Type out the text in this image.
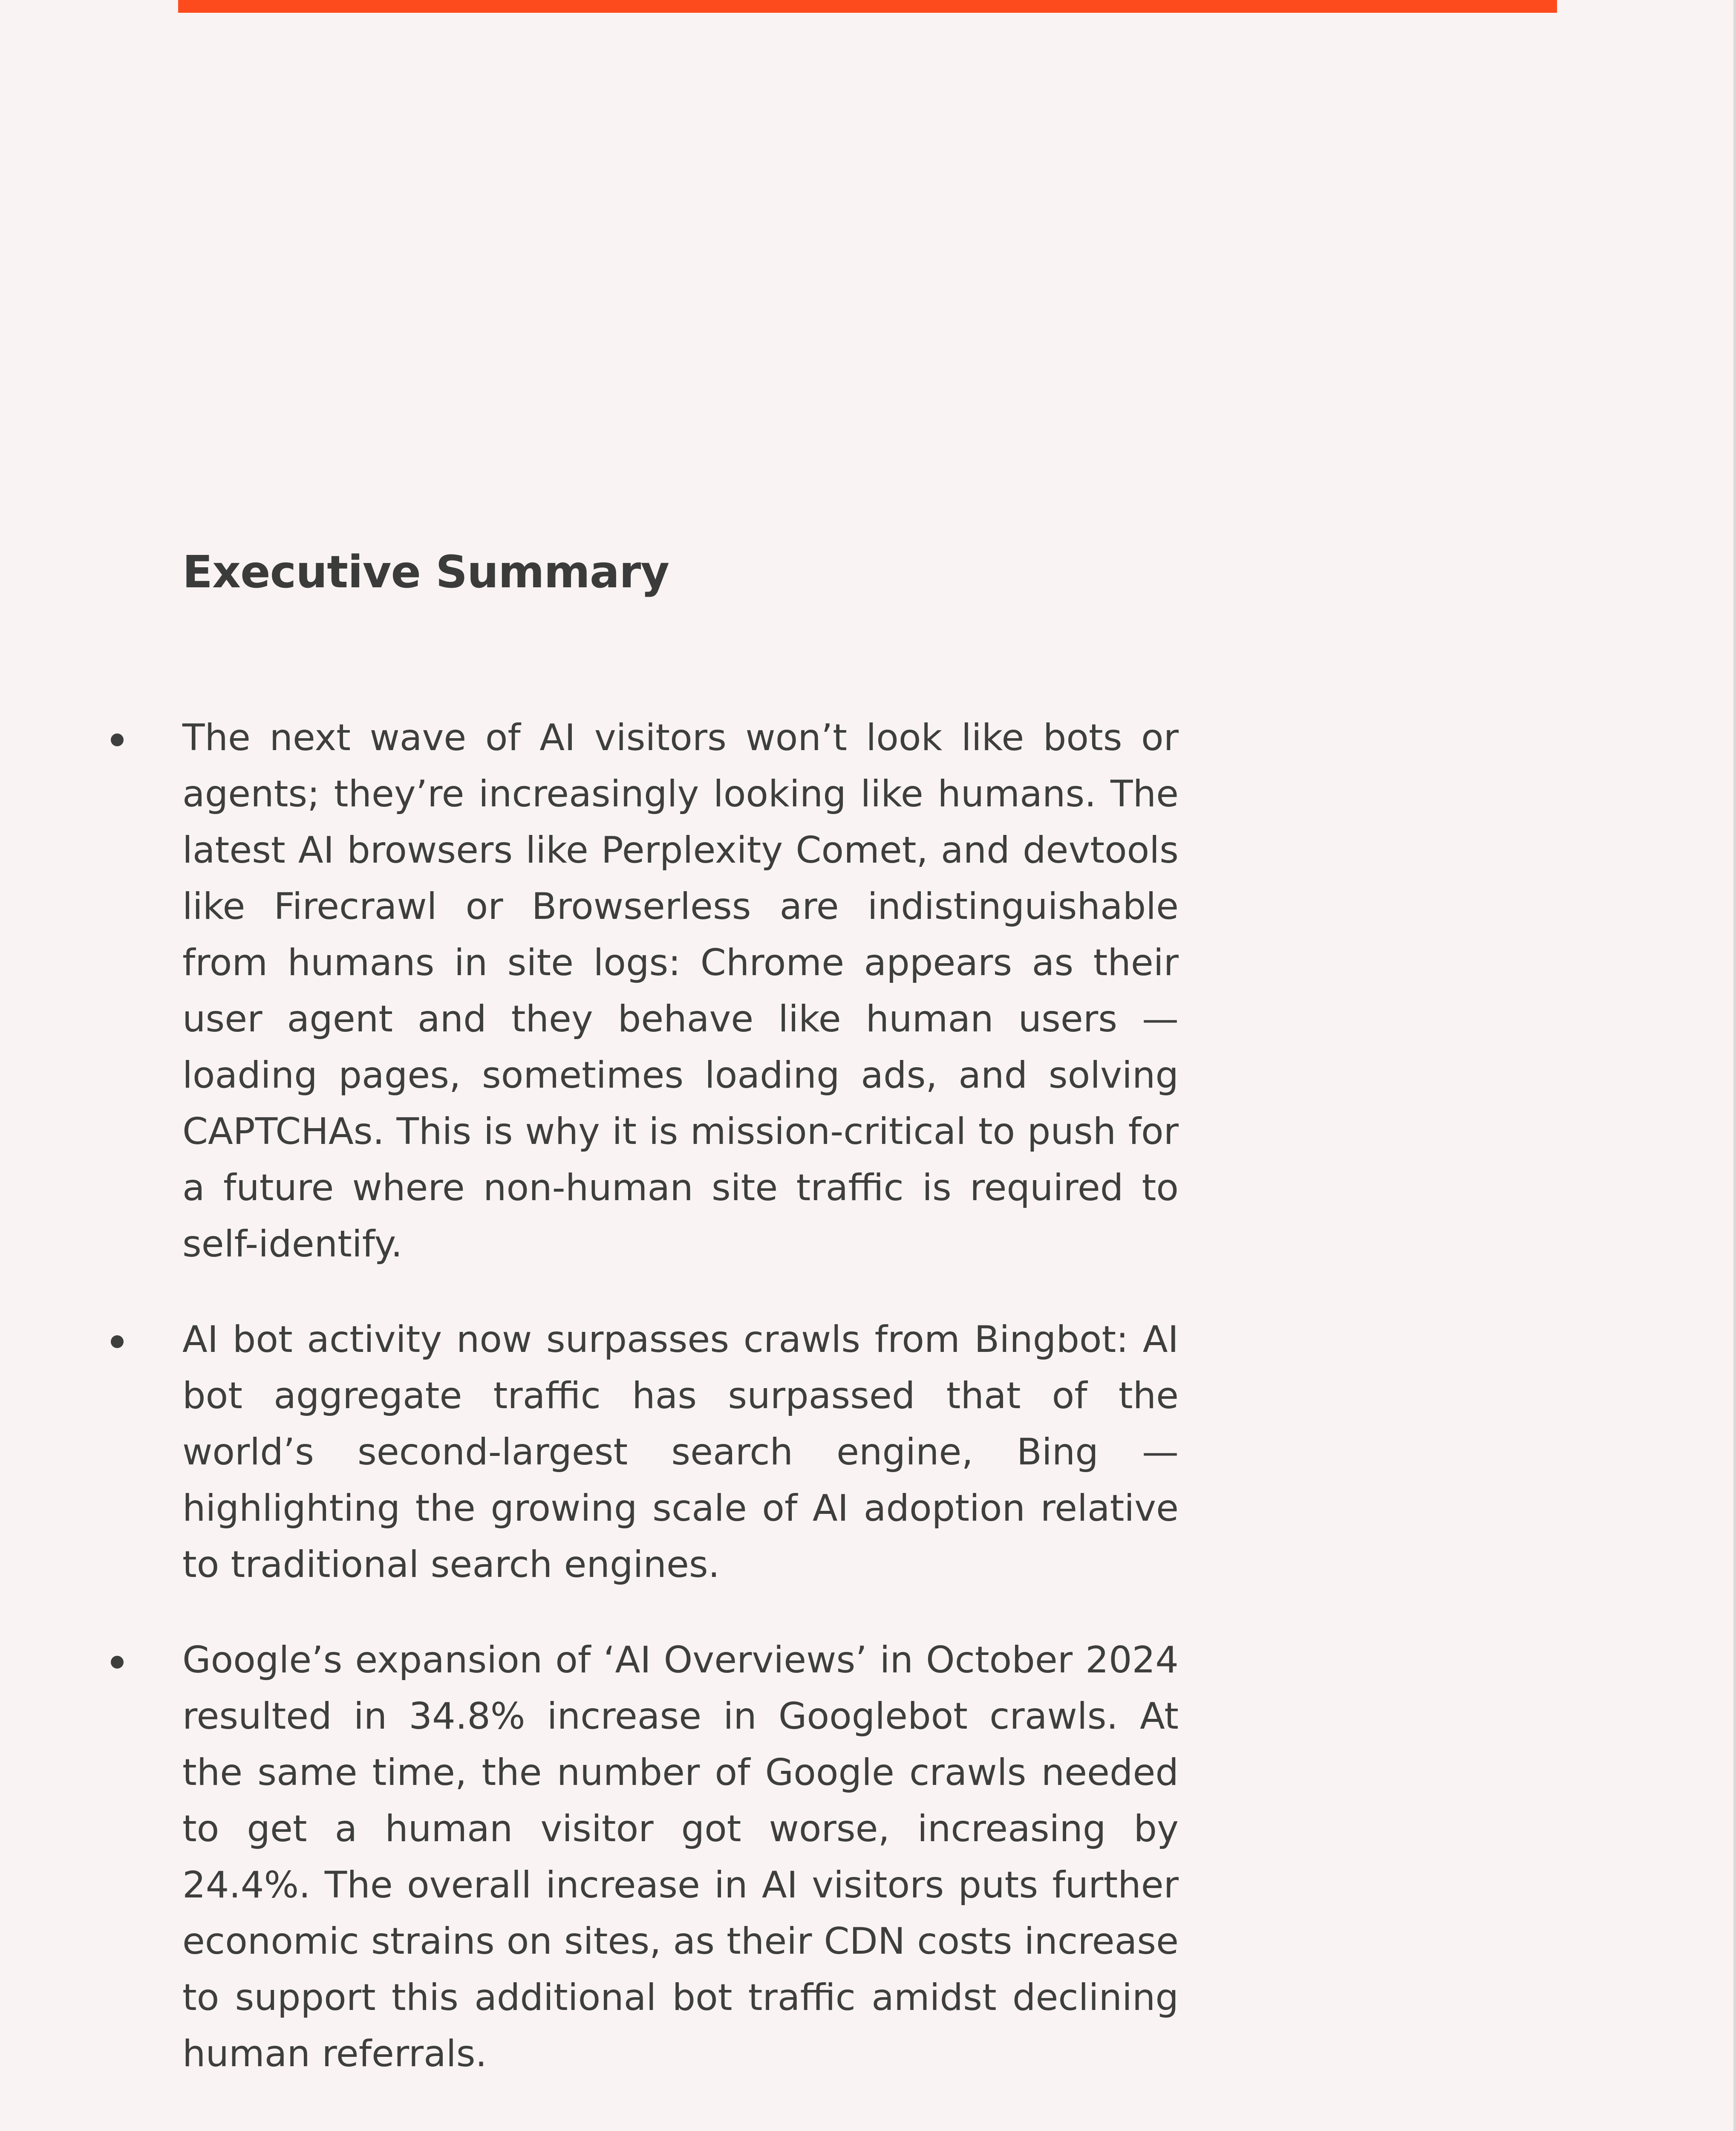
Executive Summary
The next wave of AI visitors won’t look like bots or agents; they’re increasingly looking like humans. The latest AI browsers like Perplexity Comet, and devtools like Firecrawl or Browserless are indistinguishable from humans in site logs: Chrome appears as their user agent and they behave like human users — loading pages, sometimes loading ads, and solving CAPTCHAs. This is why it is mission-critical to push for a future where non-human site traffic is required to self-identify.
AI bot activity now surpasses crawls from Bingbot: AI bot aggregate traffic has surpassed that of the world’s second-largest search engine, Bing — highlighting the growing scale of AI adoption relative to traditional search engines.
Google’s expansion of ‘AI Overviews’ in October 2024 resulted in 34.8% increase in Googlebot crawls. At the same time, the number of Google crawls needed to get a human visitor got worse, increasing by 24.4%. The overall increase in AI visitors puts further economic strains on sites, as their CDN costs increase to support this additional bot traffic amidst declining human referrals.
